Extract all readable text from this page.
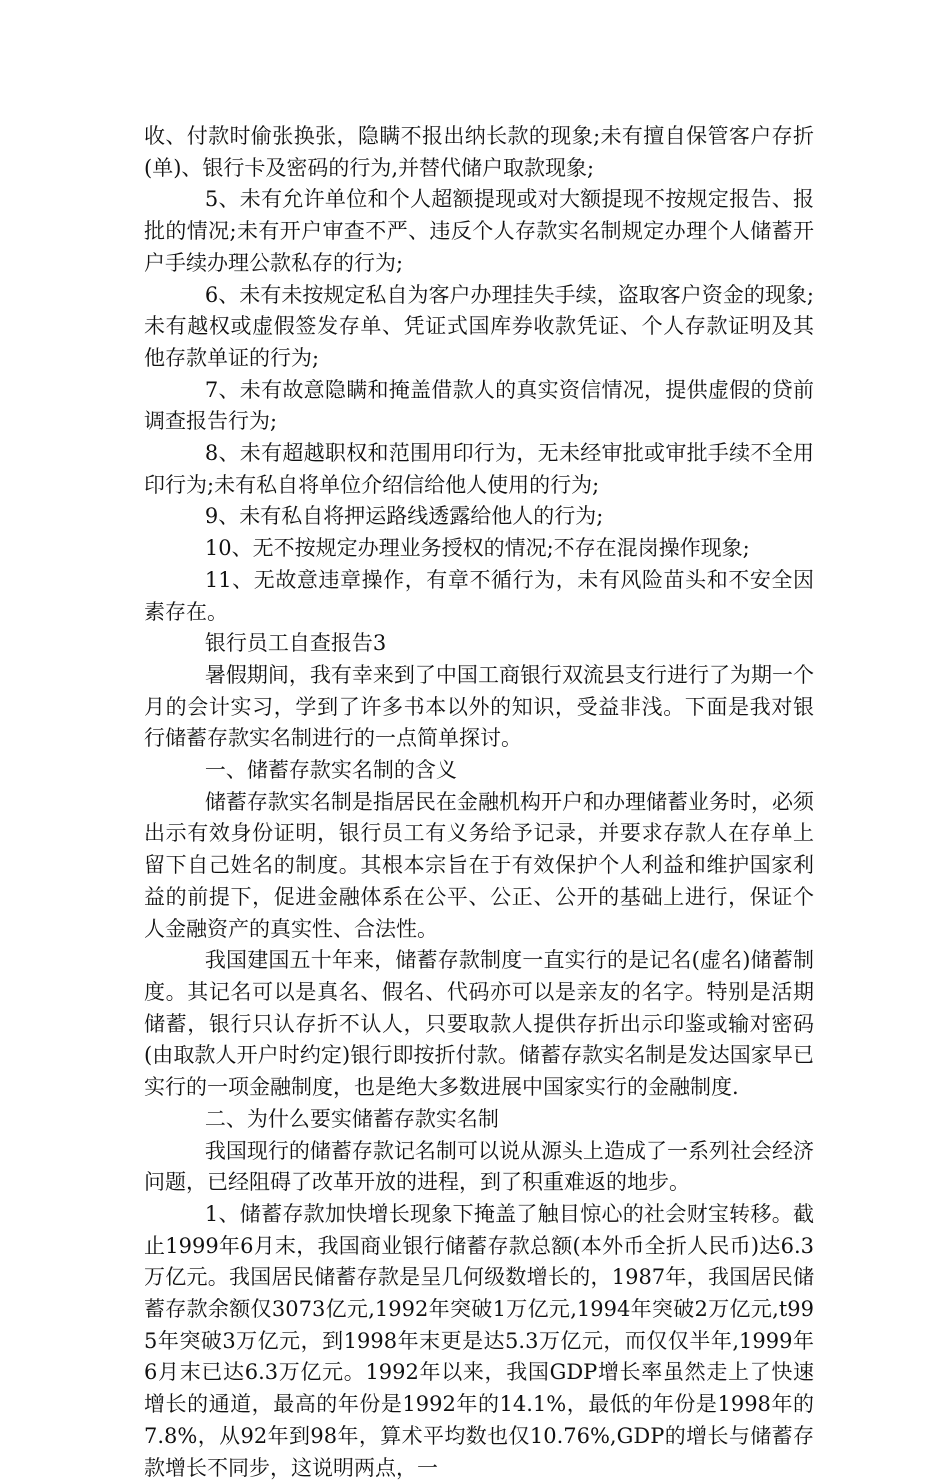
收、付款时偷张换张，隐瞒不报出纳长款的现象;未有擅自保管客户存折(单)、银行卡及密码的行为,并替代储户取款现象;

5、未有允许单位和个人超额提现或对大额提现不按规定报告、报批的情况;未有开户审查不严、违反个人存款实名制规定办理个人储蓄开户手续办理公款私存的行为;

6、未有未按规定私自为客户办理挂失手续，盗取客户资金的现象;未有越权或虚假签发存单、凭证式国库券收款凭证、个人存款证明及其他存款单证的行为;

7、未有故意隐瞒和掩盖借款人的真实资信情况，提供虚假的贷前调查报告行为;

8、未有超越职权和范围用印行为，无未经审批或审批手续不全用印行为;未有私自将单位介绍信给他人使用的行为;

9、未有私自将押运路线透露给他人的行为;

10、无不按规定办理业务授权的情况;不存在混岗操作现象;

11、无故意违章操作，有章不循行为，未有风险苗头和不安全因素存在。

银行员工自查报告3

暑假期间，我有幸来到了中国工商银行双流县支行进行了为期一个月的会计实习，学到了许多书本以外的知识，受益非浅。下面是我对银行储蓄存款实名制进行的一点简单探讨。

一、储蓄存款实名制的含义

储蓄存款实名制是指居民在金融机构开户和办理储蓄业务时，必须出示有效身份证明，银行员工有义务给予记录，并要求存款人在存单上留下自己姓名的制度。其根本宗旨在于有效保护个人利益和维护国家利益的前提下，促进金融体系在公平、公正、公开的基础上进行，保证个人金融资产的真实性、合法性。

我国建国五十年来，储蓄存款制度一直实行的是记名(虚名)储蓄制度。其记名可以是真名、假名、代码亦可以是亲友的名字。特别是活期储蓄，银行只认存折不认人，只要取款人提供存折出示印鉴或输对密码(由取款人开户时约定)银行即按折付款。储蓄存款实名制是发达国家早已实行的一项金融制度，也是绝大多数进展中国家实行的金融制度.

二、为什么要实储蓄存款实名制

我国现行的储蓄存款记名制可以说从源头上造成了一系列社会经济问题，已经阻碍了改革开放的进程，到了积重难返的地步。

1、储蓄存款加快增长现象下掩盖了触目惊心的社会财宝转移。截止1999年6月末，我国商业银行储蓄存款总额(本外币全折人民币)达6.3万亿元。我国居民储蓄存款是呈几何级数增长的，1987年，我国居民储蓄存款余额仅3073亿元,1992年突破1万亿元,1994年突破2万亿元,t995年突破3万亿元，到1998年末更是达5.3万亿元，而仅仅半年,1999年6月末已达6.3万亿元。1992年以来，我国GDP增长率虽然走上了快速增长的通道，最高的年份是1992年的14.1%，最低的年份是1998年的7.8%，从92年到98年，算术平均数也仅10.76%,GDP的增长与储蓄存款增长不同步，这说明两点，一
